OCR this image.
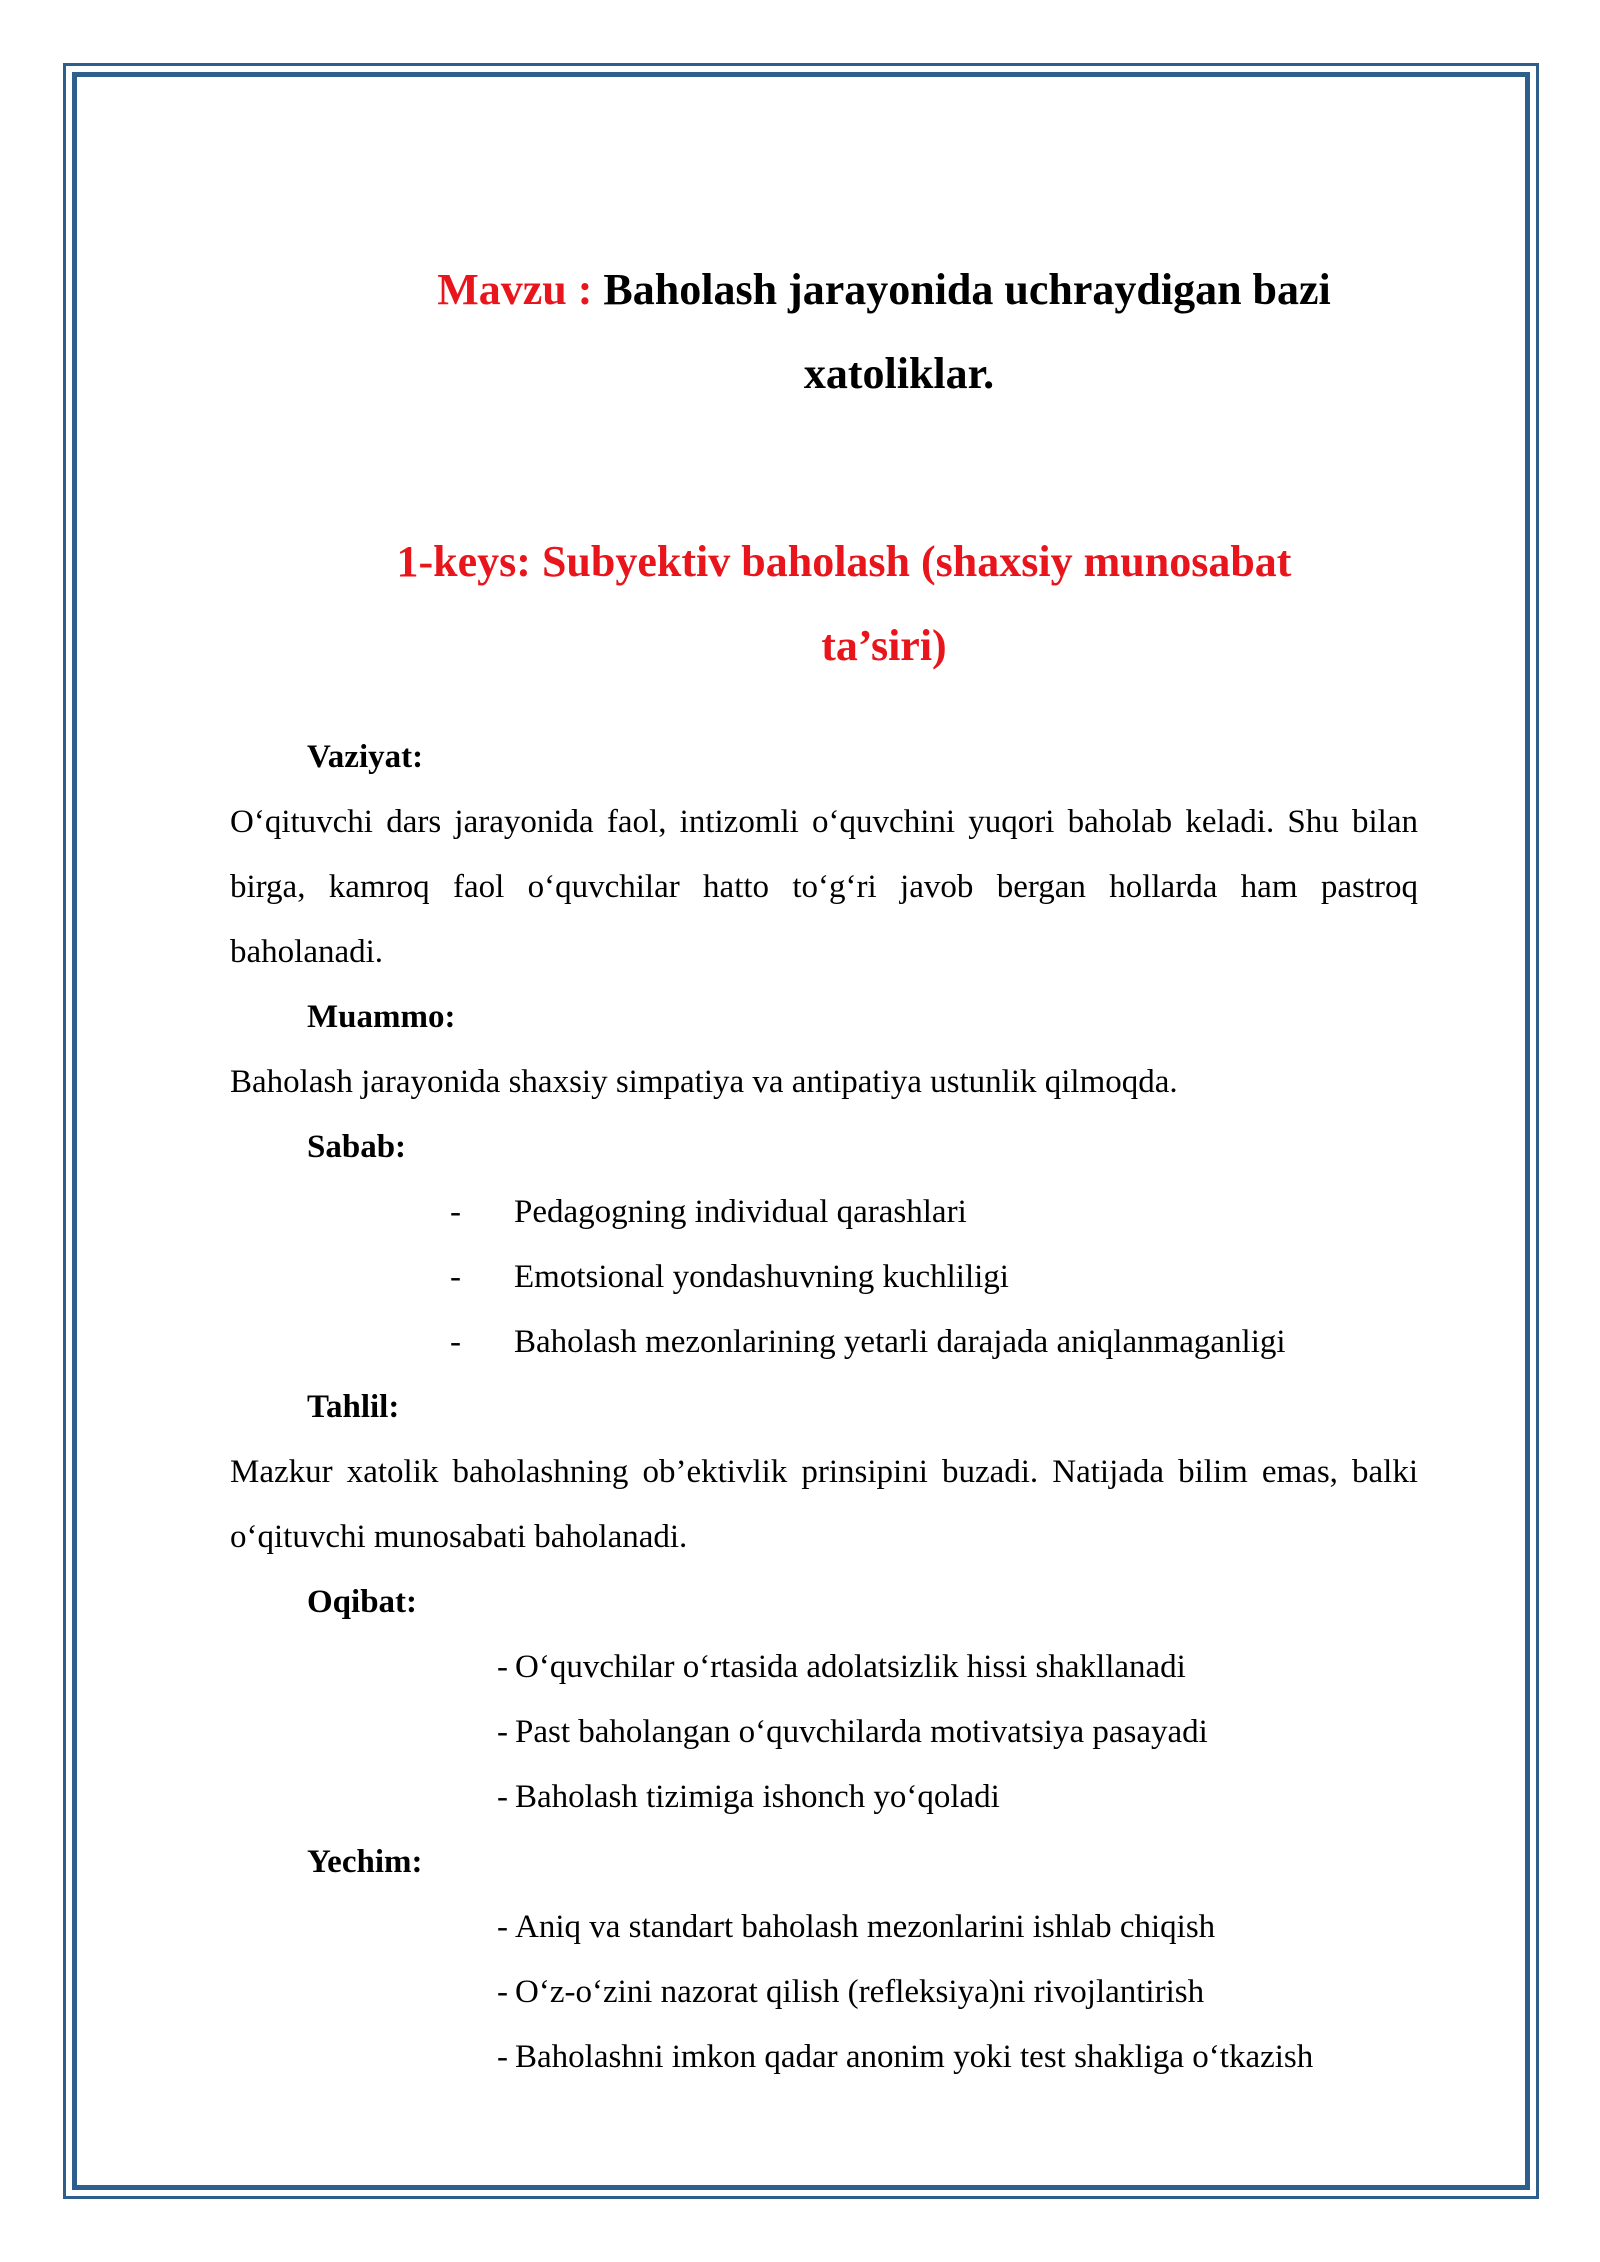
Mavzu : Baholash jarayonida uchraydigan bazi
xatoliklar.
1-keys: Subyektiv baholash (shaxsiy munosabat
ta’siri)
Vaziyat:
O‘qituvchi dars jarayonida faol, intizomli o‘quvchini yuqori baholab keladi. Shu bilan birga, kamroq faol o‘quvchilar hatto to‘g‘ri javob bergan hollarda ham pastroq baholanadi.
Muammo:
Baholash jarayonida shaxsiy simpatiya va antipatiya ustunlik qilmoqda.
Sabab:
-	Pedagogning individual qarashlari
-	Emotsional yondashuvning kuchliligi
-	Baholash mezonlarining yetarli darajada aniqlanmaganligi
Tahlil:
Mazkur xatolik baholashning ob’ektivlik prinsipini buzadi. Natijada bilim emas, balki o‘qituvchi munosabati baholanadi.
Oqibat:
- O‘quvchilar o‘rtasida adolatsizlik hissi shakllanadi
- Past baholangan o‘quvchilarda motivatsiya pasayadi
- Baholash tizimiga ishonch yo‘qoladi
Yechim:
- Aniq va standart baholash mezonlarini ishlab chiqish
- O‘z-o‘zini nazorat qilish (refleksiya)ni rivojlantirish
- Baholashni imkon qadar anonim yoki test shakliga o‘tkazish
